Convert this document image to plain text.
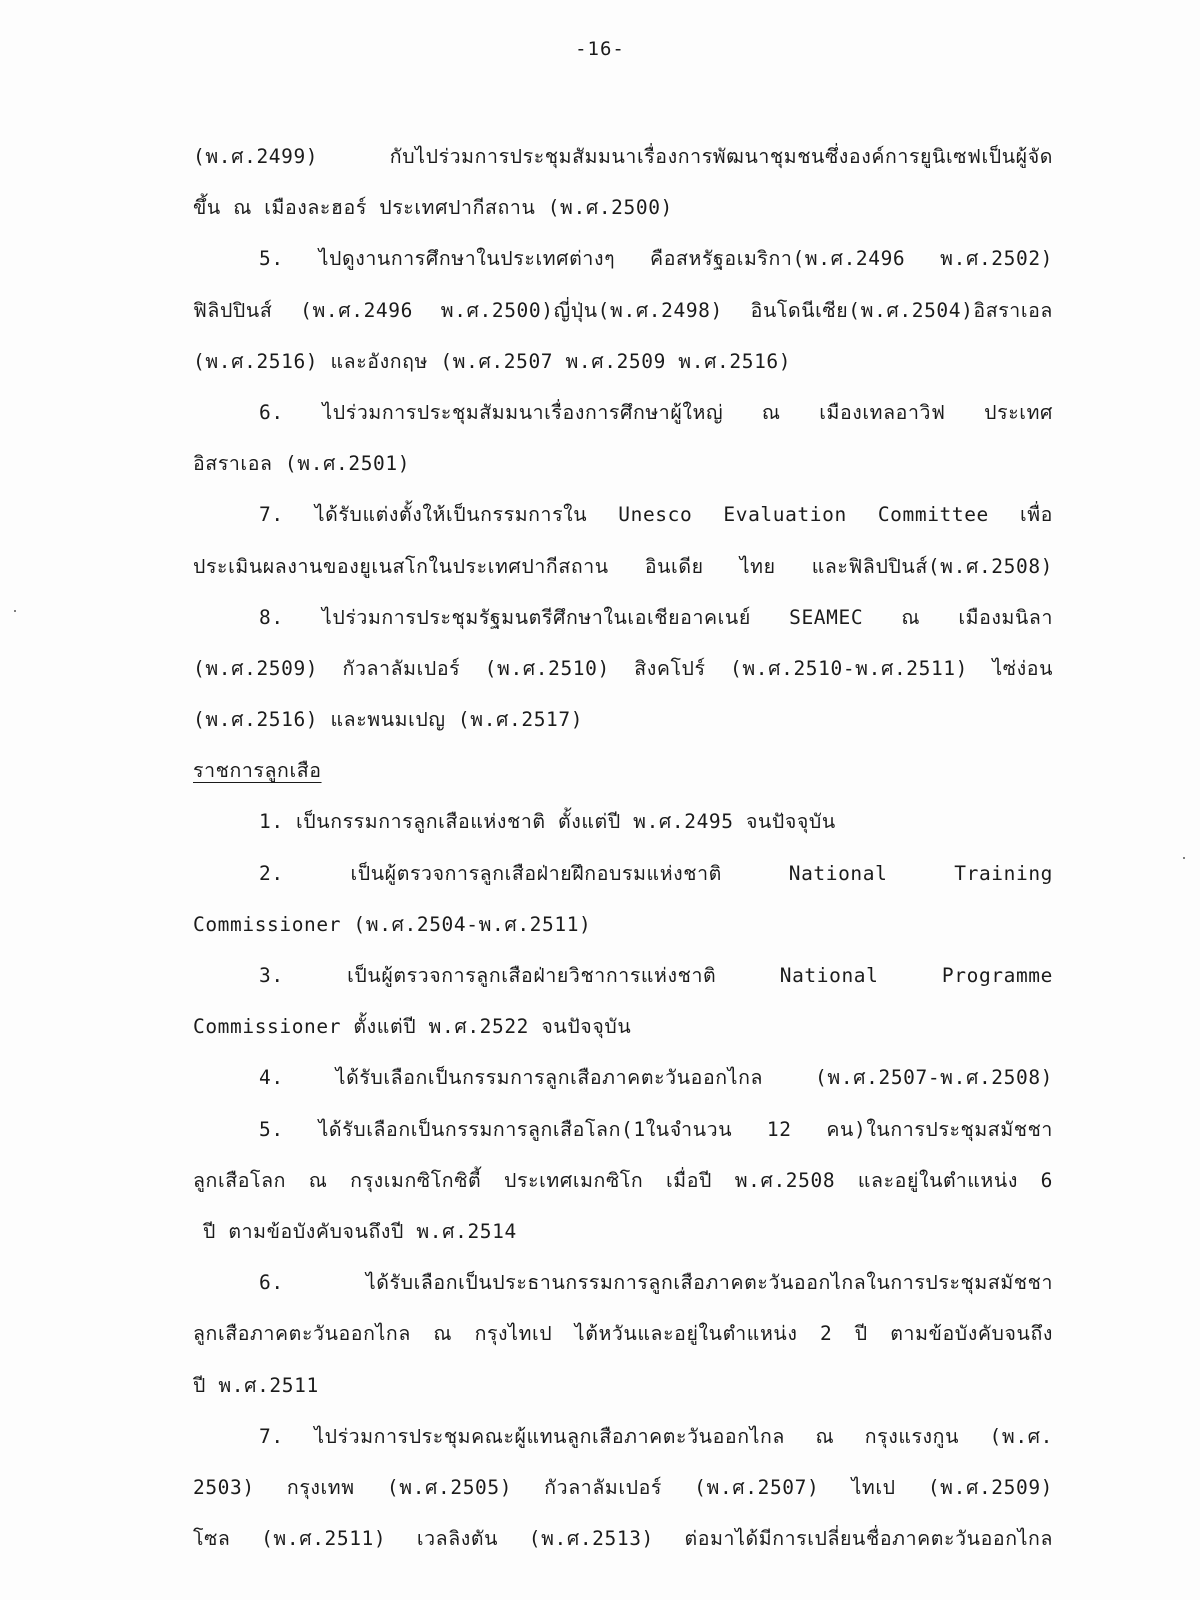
-16-
(พ.ศ.2499) กับไปร่วมการประชุมสัมมนาเรื่องการพัฒนาชุมชนซึ่งองค์การยูนิเซฟเป็นผู้จัด
ขึ้น ณ เมืองละฮอร์ ประเทศปากีสถาน (พ.ศ.2500)
5. ไปดูงานการศึกษาในประเทศต่างๆ คือสหรัฐอเมริกา(พ.ศ.2496 พ.ศ.2502)
ฟิลิปปินส์ (พ.ศ.2496 พ.ศ.2500)ญี่ปุ่น(พ.ศ.2498) อินโดนีเซีย(พ.ศ.2504)อิสราเอล
(พ.ศ.2516) และอังกฤษ (พ.ศ.2507 พ.ศ.2509 พ.ศ.2516)
6. ไปร่วมการประชุมสัมมนาเรื่องการศึกษาผู้ใหญ่ ณ เมืองเทลอาวิฟ ประเทศ
อิสราเอล (พ.ศ.2501)
7. ได้รับแต่งตั้งให้เป็นกรรมการใน Unesco Evaluation Committee เพื่อ
ประเมินผลงานของยูเนสโกในประเทศปากีสถาน อินเดีย ไทย และฟิลิปปินส์(พ.ศ.2508)
8. ไปร่วมการประชุมรัฐมนตรีศึกษาในเอเชียอาคเนย์ SEAMEC ณ เมืองมนิลา
(พ.ศ.2509) กัวลาลัมเปอร์ (พ.ศ.2510) สิงคโปร์ (พ.ศ.2510-พ.ศ.2511) ไซ่ง่อน
(พ.ศ.2516) และพนมเปญ (พ.ศ.2517)
ราชการลูกเสือ
1. เป็นกรรมการลูกเสือแห่งชาติ ตั้งแต่ปี พ.ศ.2495 จนปัจจุบัน
2. เป็นผู้ตรวจการลูกเสือฝ่ายฝึกอบรมแห่งชาติ National Training
Commissioner (พ.ศ.2504-พ.ศ.2511)
3. เป็นผู้ตรวจการลูกเสือฝ่ายวิชาการแห่งชาติ National Programme
Commissioner ตั้งแต่ปี พ.ศ.2522 จนปัจจุบัน
4. ได้รับเลือกเป็นกรรมการลูกเสือภาคตะวันออกไกล (พ.ศ.2507-พ.ศ.2508)
5. ได้รับเลือกเป็นกรรมการลูกเสือโลก(1ในจำนวน 12 คน)ในการประชุมสมัชชา
ลูกเสือโลก ณ กรุงเมกซิโกซิตี้ ประเทศเมกซิโก เมื่อปี พ.ศ.2508 และอยู่ในตำแหน่ง 6
ปี ตามข้อบังคับจนถึงปี พ.ศ.2514
6. ได้รับเลือกเป็นประธานกรรมการลูกเสือภาคตะวันออกไกลในการประชุมสมัชชา
ลูกเสือภาคตะวันออกไกล ณ กรุงไทเป ไต้หวันและอยู่ในตำแหน่ง 2 ปี ตามข้อบังคับจนถึง
ปี พ.ศ.2511
7. ไปร่วมการประชุมคณะผู้แทนลูกเสือภาคตะวันออกไกล ณ กรุงแรงกูน (พ.ศ.
2503) กรุงเทพ (พ.ศ.2505) กัวลาลัมเปอร์ (พ.ศ.2507) ไทเป (พ.ศ.2509)
โซล (พ.ศ.2511) เวลลิงตัน (พ.ศ.2513) ต่อมาได้มีการเปลี่ยนชื่อภาคตะวันออกไกล
